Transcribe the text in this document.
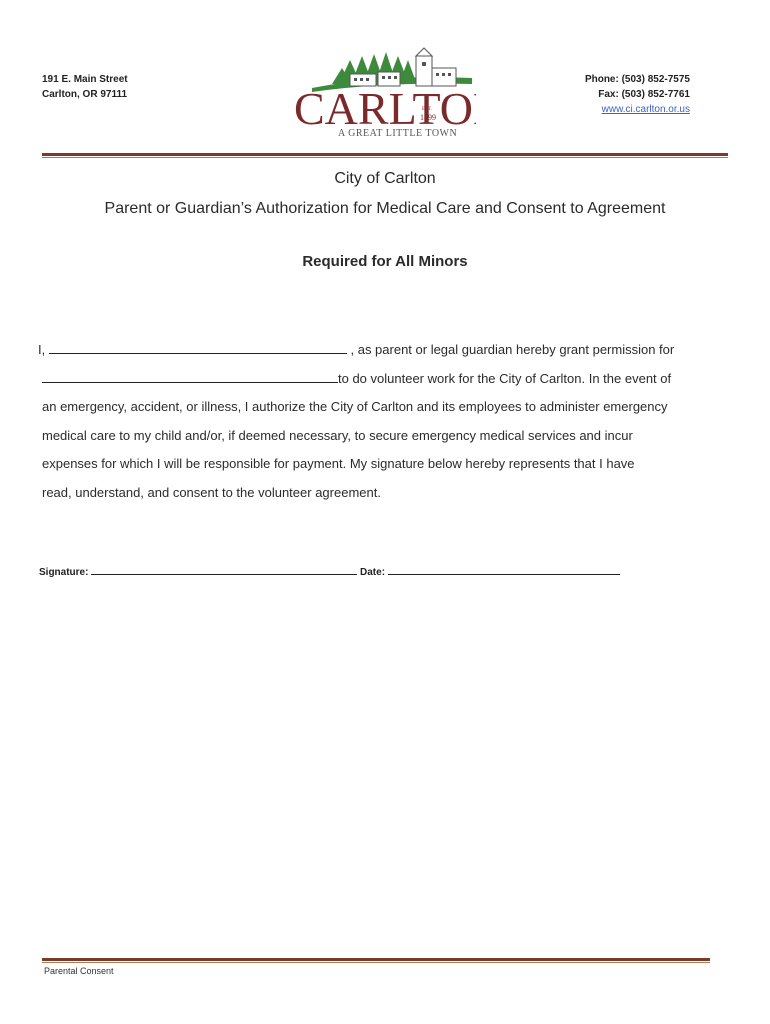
191 E. Main Street
Carlton, OR 97111	CARLTO
EST.
1899
A GREAT LITTLE TOWN
Phone: (503) 852-7575
Fax: (503) 852-7761
www.ci.carlton.or.us
City of Carlton
Parent or Guardian’s Authorization for Medical Care and Consent to Agreement
Required for All Minors
I,	, as parent or legal guardian hereby grant permission for
to do volunteer work for the City of Carlton. In the event of
an emergency, accident, or illness, I authorize the City of Carlton and its employees to administer emergency
medical care to my child and/or, if deemed necessary, to secure emergency medical services and incur
expenses for which I will be responsible for payment. My signature below hereby represents that I have
read, understand, and consent to the volunteer agreement.
Signature:	Date:
Parental Consent
